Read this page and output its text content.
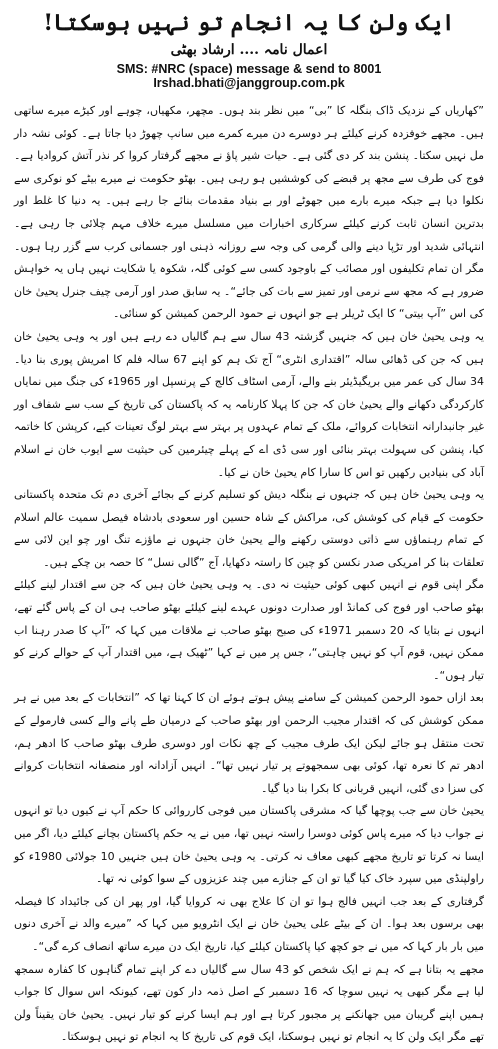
ایک ولن کا یہ انجام تو نہیں ہوسکتا!
اعمال نامہ .... ارشاد بھٹی
SMS: #NRC (space) message & send to 8001
Irshad.bhati@janggroup.com.pk

”کھاریاں کے نزدیک ڈاک بنگلہ کا ”بی“ میں نظر بند ہوں۔ مچھر، مکھیاں، چوہے اور کیڑے میرے ساتھی ہیں۔ مجھے خوفزدہ کرنے کیلئے ہر دوسرے دن میرے کمرے میں سانپ چھوڑ دیا جاتا ہے۔ کوئی نشہ دار مل نہیں سکتا۔ پنشن بند کر دی گئی ہے۔ حیات شیر پاؤ نے مجھے گرفتار کروا کر نذر آتش کروادیا ہے۔ فوج کی طرف سے مجھ پر قبضے کی کوششیں ہو رہی ہیں۔ بھٹو حکومت نے میرے بیٹے کو نوکری سے نکلوا دیا ہے جبکہ میرے بارے میں جھوٹے اور بے بنیاد مقدمات بنائے جا رہے ہیں۔ یہ دنیا کا غلط اور بدترین انسان ثابت کرنے کیلئے سرکاری اخبارات میں مسلسل میرے خلاف مہم چلائی جا رہی ہے۔ انتہائی شدید اور تڑپا دینے والی گرمی کی وجہ سے روزانہ ذہنی اور جسمانی کرب سے گزر رہا ہوں۔ مگر ان تمام تکلیفوں اور مصائب کے باوجود کسی سے کوئی گلہ، شکوہ یا شکایت نہیں ہاں یہ خواہش ضرور ہے کہ مجھ سے نرمی اور تمیز سے بات کی جائے“۔ یہ سابق صدر اور آرمی چیف جنرل یحییٰ خان کی اس ”آپ بیتی“ کا ایک ٹریلر ہے جو انہوں نے حمود الرحمن کمیشن کو سنائی۔

یہ وہی یحییٰ خان ہیں کہ جنہیں گزشتہ 43 سال سے ہم گالیاں دے رہے ہیں اور یہ وہی یحییٰ خان ہیں کہ جن کی ڈھائی سالہ ”اقتداری انٹری“ آج تک ہم کو اپنے 67 سالہ فلم کا امریش پوری بنا دیا۔ 34 سال کی عمر میں بریگیڈیئر بنے والے، آرمی اسٹاف کالج کے پرنسپل اور 1965ء کی جنگ میں نمایاں کارکردگی دکھانے والے یحییٰ خان کہ جن کا پہلا کارنامہ یہ کہ پاکستان کی تاریخ کے سب سے شفاف اور غیر جانبدارانہ انتخابات کروائے، ملک کے تمام عہدوں پر بہتر سے بہتر لوگ تعینات کیے، کرپشن کا خاتمہ کیا، پنشن کی سہولت بہتر بنائی اور سی ڈی اے کے پہلے چیئرمین کی حیثیت سے ایوب خان نے اسلام آباد کی بنیادیں رکھیں تو اس کا سارا کام یحییٰ خان نے کیا۔

یہ وہی یحییٰ خان ہیں کہ جنہوں نے بنگلہ دیش کو تسلیم کرنے کے بجائے آخری دم تک متحدہ پاکستانی حکومت کے قیام کی کوشش کی، مراکش کے شاہ حسین اور سعودی بادشاہ فیصل سمیت عالم اسلام کے تمام رہنماؤں سے ذاتی دوستی رکھنے والے یحییٰ خان جنہوں نے ماؤزے تنگ اور چو این لائی سے تعلقات بنا کر امریکی صدر نکسن کو چین کا راستہ دکھایا، آج ”گالی نسل“ کا حصہ بن چکے ہیں۔

مگر اپنی قوم نے انہیں کبھی کوئی حیثیت نہ دی۔ یہ وہی یحییٰ خان ہیں کہ جن سے اقتدار لینے کیلئے بھٹو صاحب اور فوج کی کمانڈ اور صدارت دونوں عہدے لینے کیلئے بھٹو صاحب ہی ان کے پاس گئے تھے، انہوں نے بتایا کہ 20 دسمبر 1971ء کی صبح بھٹو صاحب نے ملاقات میں کہا کہ ”آپ کا صدر رہنا اب ممکن نہیں، قوم آپ کو نہیں چاہتی“، جس پر میں نے کہا ”ٹھیک ہے، میں اقتدار آپ کے حوالے کرنے کو تیار ہوں“۔

بعد ازاں حمود الرحمن کمیشن کے سامنے پیش ہوتے ہوئے ان کا کہنا تھا کہ ”انتخابات کے بعد میں نے ہر ممکن کوشش کی کہ اقتدار مجیب الرحمن اور بھٹو صاحب کے درمیان طے پانے والے کسی فارمولے کے تحت منتقل ہو جائے لیکن ایک طرف مجیب کے چھ نکات اور دوسری طرف بھٹو صاحب کا ادھر ہم، ادھر تم کا نعرہ تھا، کوئی بھی سمجھوتے پر تیار نہیں تھا“۔ انہیں آزادانہ اور منصفانہ انتخابات کروانے کی سزا دی گئی، انہیں قربانی کا بکرا بنا دیا گیا۔

یحییٰ خان سے جب پوچھا گیا کہ مشرقی پاکستان میں فوجی کارروائی کا حکم آپ نے کیوں دیا تو انہوں نے جواب دیا کہ میرے پاس کوئی دوسرا راستہ نہیں تھا، میں نے یہ حکم پاکستان بچانے کیلئے دیا، اگر میں ایسا نہ کرتا تو تاریخ مجھے کبھی معاف نہ کرتی۔ یہ وہی یحییٰ خان ہیں جنہیں 10 جولائی 1980ء کو راولپنڈی میں سپرد خاک کیا گیا تو ان کے جنازے میں چند عزیزوں کے سوا کوئی نہ تھا۔

گرفتاری کے بعد جب انہیں فالج ہوا تو ان کا علاج بھی نہ کروایا گیا، اور پھر ان کی جائیداد کا فیصلہ بھی برسوں بعد ہوا۔ ان کے بیٹے علی یحییٰ خان نے ایک انٹرویو میں کہا کہ ”میرے والد نے آخری دنوں میں بار بار کہا کہ میں نے جو کچھ کیا پاکستان کیلئے کیا، تاریخ ایک دن میرے ساتھ انصاف کرے گی“۔

مجھے یہ بتانا ہے کہ ہم نے ایک شخص کو 43 سال سے گالیاں دے کر اپنے تمام گناہوں کا کفارہ سمجھ لیا ہے مگر کبھی یہ نہیں سوچا کہ 16 دسمبر کے اصل ذمہ دار کون تھے، کیونکہ اس سوال کا جواب ہمیں اپنے گریبان میں جھانکنے پر مجبور کرتا ہے اور ہم ایسا کرنے کو تیار نہیں۔ یحییٰ خان یقیناً ولن تھے مگر ایک ولن کا یہ انجام تو نہیں ہوسکتا، ایک قوم کی تاریخ کا یہ انجام تو نہیں ہوسکتا۔
